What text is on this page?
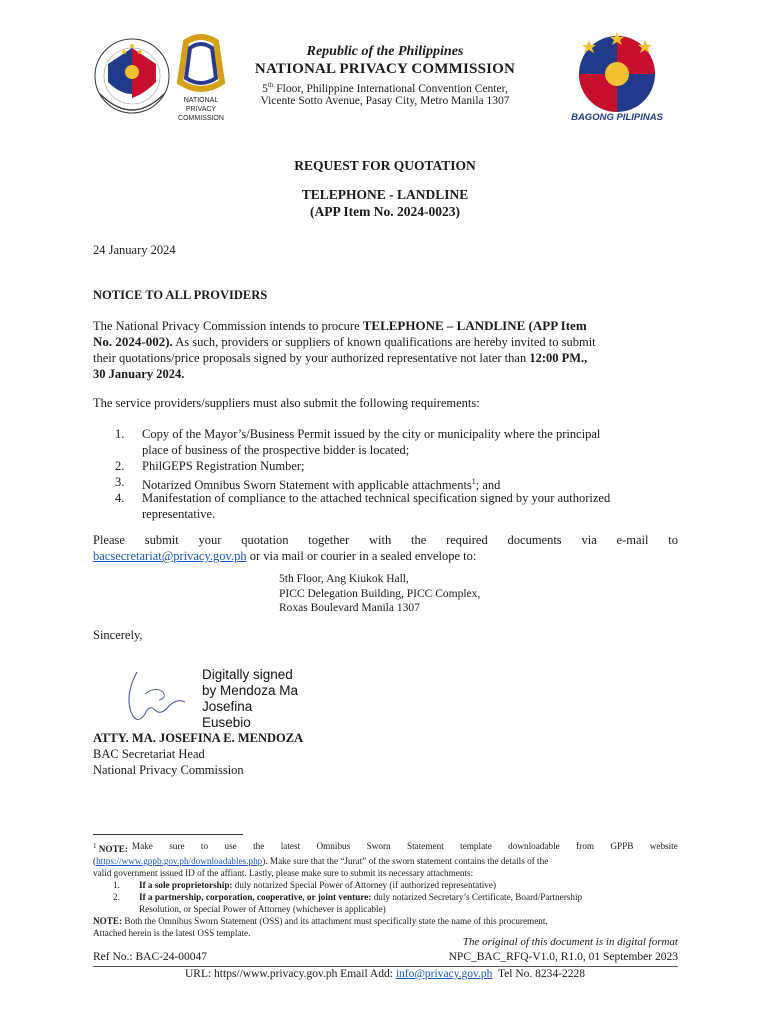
NATIONAL
PRIVACY
COMMISSION	BAGONG PILIPINAS
Republic of the Philippines
NATIONAL PRIVACY COMMISSION
5th Floor, Philippine International Convention Center,
Vicente Sotto Avenue, Pasay City, Metro Manila 1307
REQUEST FOR QUOTATION
TELEPHONE - LANDLINE
(APP Item No. 2024-0023)
24 January 2024
NOTICE TO ALL PROVIDERS
The National Privacy Commission intends to procure TELEPHONE – LANDLINE (APP Item
No. 2024-002). As such, providers or suppliers of known qualifications are hereby invited to submit
their quotations/price proposals signed by your authorized representative not later than 12:00 PM.,
30 January 2024.
The service providers/suppliers must also submit the following requirements:
1.	Copy of the Mayor’s/Business Permit issued by the city or municipality where the principal
place of business of the prospective bidder is located;
2.	PhilGEPS Registration Number;
3.	Notarized Omnibus Sworn Statement with applicable attachments$^1$; and
4.	Manifestation of compliance to the attached technical specification signed by your authorized
representative.
Please submit your quotation together with the required documents via e-mail to
bacsecretariat@privacy.gov.ph or via mail or courier in a sealed envelope to:
5th Floor, Ang Kiukok Hall,
PICC Delegation Building, PICC Complex,
Roxas Boulevard Manila 1307
Sincerely,
Digitally signed
by Mendoza Ma
Josefina
Eusebio
ATTY. MA. JOSEFINA E. MENDOZA
BAC Secretariat Head
National Privacy Commission
$^1$ NOTE: Make sure to use the latest Omnibus Sworn Statement template downloadable from GPPB website
(https://www.gppb.gov.ph/downloadables.php). Make sure that the “Jurat” of the sworn statement contains the details of the
valid government issued ID of the affiant. Lastly, please make sure to submit its necessary attachments:
1. If a sole proprietorship: duly notarized Special Power of Attorney (if authorized representative)
2. If a partnership, corporation, cooperative, or joint venture: duly notarized Secretary’s Certificate, Board/Partnership
Resolution, or Special Power of Attorney (whichever is applicable)
NOTE: Both the Omnibus Sworn Statement (OSS) and its attachment must specifically state the name of this procurement.
Attached herein is the latest OSS template.
The original of this document is in digital format
Ref No.: BAC-24-00047	NPC_BAC_RFQ-V1.0, R1.0, 01 September 2023
URL: https//www.privacy.gov.ph Email Add: info@privacy.gov.ph  Tel No. 8234-2228
